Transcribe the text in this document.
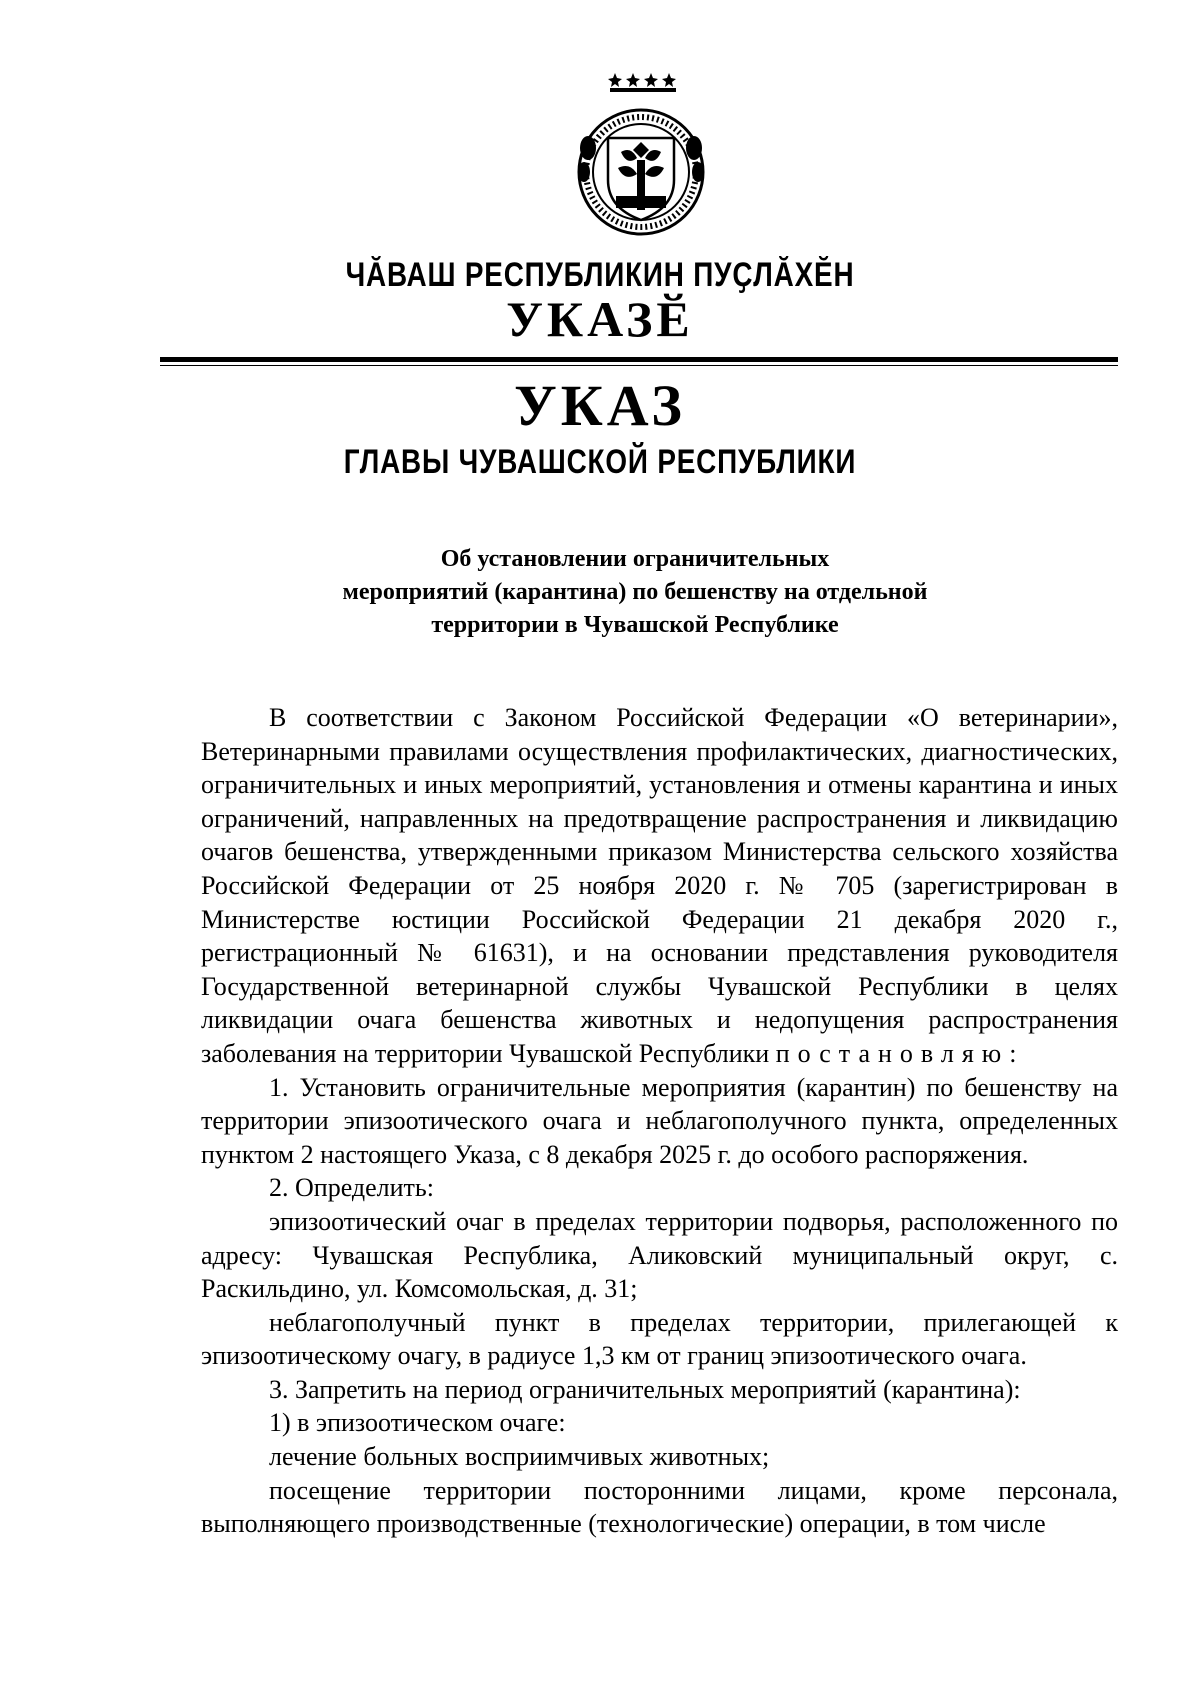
ЧӐВАШ РЕСПУБЛИКИН ПУҪЛӐХӖН
УКАЗӖ
УКАЗ
ГЛАВЫ ЧУВАШСКОЙ РЕСПУБЛИКИ
Об установлении ограничительных
мероприятий (карантина) по бешенству на отдельной
территории в Чувашской Республике

В соответствии с Законом Российской Федерации «О ветеринарии», Ветеринарными правилами осуществления профилактических, диагностических, ограничительных и иных мероприятий, установления и отмены карантина и иных ограничений, направленных на предотвращение распространения и ликвидацию очагов бешенства, утвержденными приказом Министерства сельского хозяйства Российской Федерации от 25 ноября 2020 г. № 705 (зарегистрирован в Министерстве юстиции Российской Федерации 21 декабря 2020 г., регистрационный № 61631), и на основании представления руководителя Государственной ветеринарной службы Чувашской Республики в целях ликвидации очага бешенства животных и недопущения распространения заболевания на территории Чувашской Республики постановляю:

1. Установить ограничительные мероприятия (карантин) по бешенству на территории эпизоотического очага и неблагополучного пункта, определенных пунктом 2 настоящего Указа, с 8 декабря 2025 г. до особого распоряжения.

2. Определить:

эпизоотический очаг в пределах территории подворья, расположенного по адресу: Чувашская Республика, Аликовский муниципальный округ, с. Раскильдино, ул. Комсомольская, д. 31;

неблагополучный пункт в пределах территории, прилегающей к эпизоотическому очагу, в радиусе 1,3 км от границ эпизоотического очага.

3. Запретить на период ограничительных мероприятий (карантина):

1) в эпизоотическом очаге:

лечение больных восприимчивых животных;

посещение территории посторонними лицами, кроме персонала, выполняющего производственные (технологические) операции, в том числе
